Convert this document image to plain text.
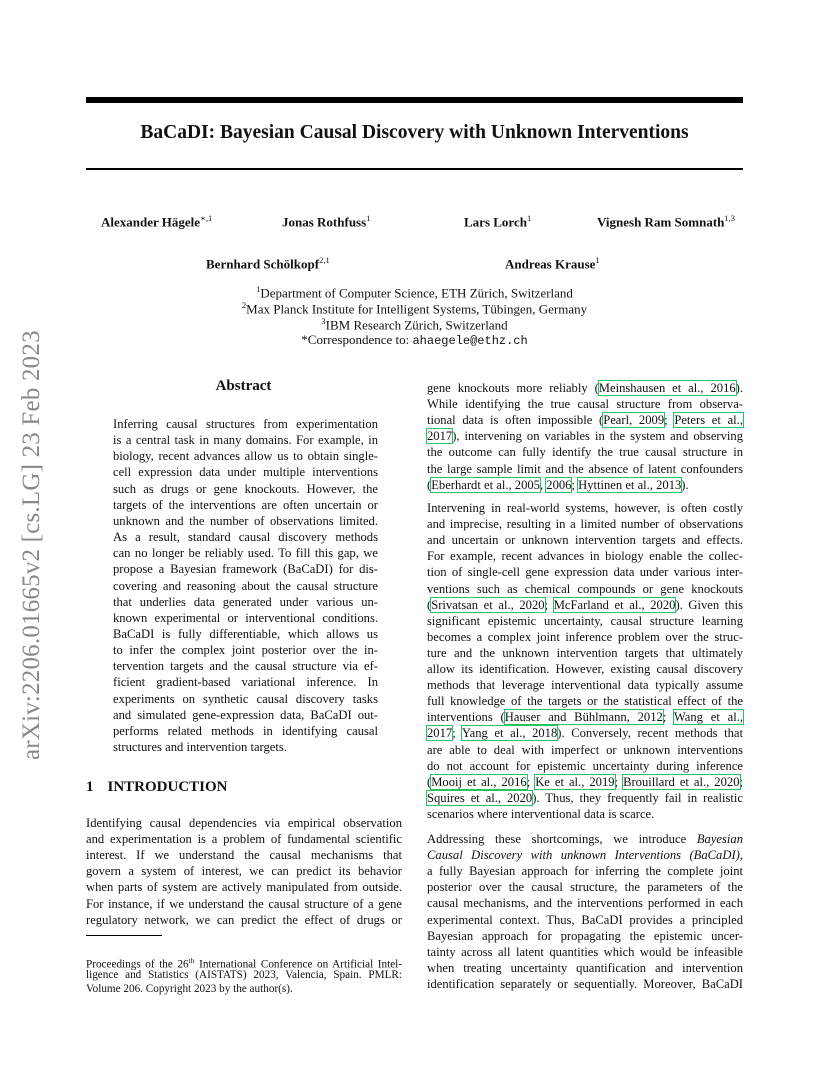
BaCaDI: Bayesian Causal Discovery with Unknown Interventions
arXiv:2206.01665v2 [cs.LG] 23 Feb 2023
Alexander Hägele$^{∗,1}$	Jonas Rothfuss$^1$	Lars Lorch$^1$	Vignesh Ram Somnath$^{1,3}$
Bernhard Schölkopf$^{2,1}$	Andreas Krause$^1$
$^1$Department of Computer Science, ETH Zürich, Switzerland
$^2$Max Planck Institute for Intelligent Systems, Tübingen, Germany
$^3$IBM Research Zürich, Switzerland
*Correspondence to: ahaegele@ethz.ch
Abstract
Inferring causal structures from experimentation
is a central task in many domains. For example, in
biology, recent advances allow us to obtain single-
cell expression data under multiple interventions
such as drugs or gene knockouts. However, the
targets of the interventions are often uncertain or
unknown and the number of observations limited.
As a result, standard causal discovery methods
can no longer be reliably used. To fill this gap, we
propose a Bayesian framework (BaCaDI) for dis-
covering and reasoning about the causal structure
that underlies data generated under various un-
known experimental or interventional conditions.
BaCaDI is fully differentiable, which allows us
to infer the complex joint posterior over the in-
tervention targets and the causal structure via ef-
ficient gradient-based variational inference. In
experiments on synthetic causal discovery tasks
and simulated gene-expression data, BaCaDI out-
performs related methods in identifying causal
structures and intervention targets.
1 INTRODUCTION
Identifying causal dependencies via empirical observation
and experimentation is a problem of fundamental scientific
interest. If we understand the causal mechanisms that
govern a system of interest, we can predict its behavior
when parts of system are actively manipulated from outside.
For instance, if we understand the causal structure of a gene
regulatory network, we can predict the effect of drugs or
Proceedings of the 26th International Conference on Artificial Intel-
ligence and Statistics (AISTATS) 2023, Valencia, Spain. PMLR:
Volume 206. Copyright 2023 by the author(s).
gene knockouts more reliably (Meinshausen et al., 2016).
While identifying the true causal structure from observa-
tional data is often impossible (Pearl, 2009; Peters et al.,
2017), intervening on variables in the system and observing
the outcome can fully identify the true causal structure in
the large sample limit and the absence of latent confounders
(Eberhardt et al., 2005, 2006; Hyttinen et al., 2013).
Intervening in real-world systems, however, is often costly
and imprecise, resulting in a limited number of observations
and uncertain or unknown intervention targets and effects.
For example, recent advances in biology enable the collec-
tion of single-cell gene expression data under various inter-
ventions such as chemical compounds or gene knockouts
(Srivatsan et al., 2020; McFarland et al., 2020). Given this
significant epistemic uncertainty, causal structure learning
becomes a complex joint inference problem over the struc-
ture and the unknown intervention targets that ultimately
allow its identification. However, existing causal discovery
methods that leverage interventional data typically assume
full knowledge of the targets or the statistical effect of the
interventions (Hauser and Bühlmann, 2012; Wang et al.,
2017; Yang et al., 2018). Conversely, recent methods that
are able to deal with imperfect or unknown interventions
do not account for epistemic uncertainty during inference
(Mooij et al., 2016; Ke et al., 2019; Brouillard et al., 2020;
Squires et al., 2020). Thus, they frequently fail in realistic
scenarios where interventional data is scarce.
Addressing these shortcomings, we introduce Bayesian
Causal Discovery with unknown Interventions (BaCaDI),
a fully Bayesian approach for inferring the complete joint
posterior over the causal structure, the parameters of the
causal mechanisms, and the interventions performed in each
experimental context. Thus, BaCaDI provides a principled
Bayesian approach for propagating the epistemic uncer-
tainty across all latent quantities which would be infeasible
when treating uncertainty quantification and intervention
identification separately or sequentially. Moreover, BaCaDI
